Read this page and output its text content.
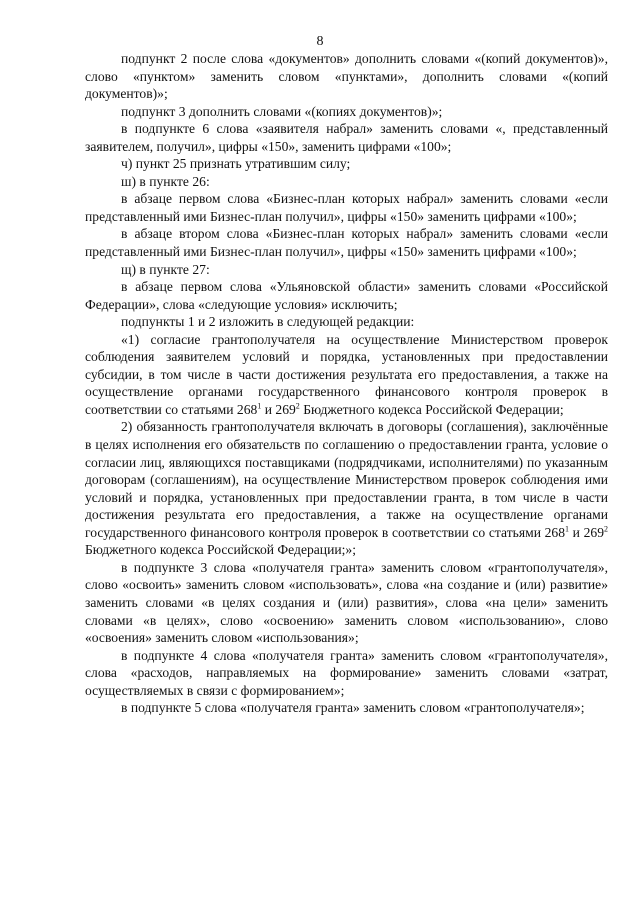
8

подпункт 2 после слова «документов» дополнить словами «(копий документов)», слово «пунктом» заменить словом «пунктами», дополнить словами «(копий документов)»;

подпункт 3 дополнить словами «(копиях документов)»;

в подпункте 6 слова «заявителя набрал» заменить словами «, представленный заявителем, получил», цифры «150», заменить цифрами «100»;

ч) пункт 25 признать утратившим силу;

ш) в пункте 26:

в абзаце первом слова «Бизнес-план которых набрал» заменить словами «если представленный ими Бизнес-план получил», цифры «150» заменить цифрами «100»;

в абзаце втором слова «Бизнес-план которых набрал» заменить словами «если представленный ими Бизнес-план получил», цифры «150» заменить цифрами «100»;

щ) в пункте 27:

в абзаце первом слова «Ульяновской области» заменить словами «Российской Федерации», слова «следующие условия» исключить;

подпункты 1 и 2 изложить в следующей редакции:

«1) согласие грантополучателя на осуществление Министерством проверок соблюдения заявителем условий и порядка, установленных при предоставлении субсидии, в том числе в части достижения результата его предоставления, а также на осуществление органами государственного финансового контроля проверок в соответствии со статьями $268^1$ и $269^2$ Бюджетного кодекса Российской Федерации;

2) обязанность грантополучателя включать в договоры (соглашения), заключённые в целях исполнения его обязательств по соглашению о предоставлении гранта, условие о согласии лиц, являющихся поставщиками (подрядчиками, исполнителями) по указанным договорам (соглашениям), на осуществление Министерством проверок соблюдения ими условий и порядка, установленных при предоставлении гранта, в том числе в части достижения результата его предоставления, а также на осуществление органами государственного финансового контроля проверок в соответствии со статьями $268^1$ и $269^2$ Бюджетного кодекса Российской Федерации;»;

в подпункте 3 слова «получателя гранта» заменить словом «грантополучателя», слово «освоить» заменить словом «использовать», слова «на создание и (или) развитие» заменить словами «в целях создания и (или) развития», слова «на цели» заменить словами «в целях», слово «освоению» заменить словом «использованию», слово «освоения» заменить словом «использования»;

в подпункте 4 слова «получателя гранта» заменить словом «грантополучателя», слова «расходов, направляемых на формирование» заменить словами «затрат, осуществляемых в связи с формированием»;

в подпункте 5 слова «получателя гранта» заменить словом «грантополучателя»;
